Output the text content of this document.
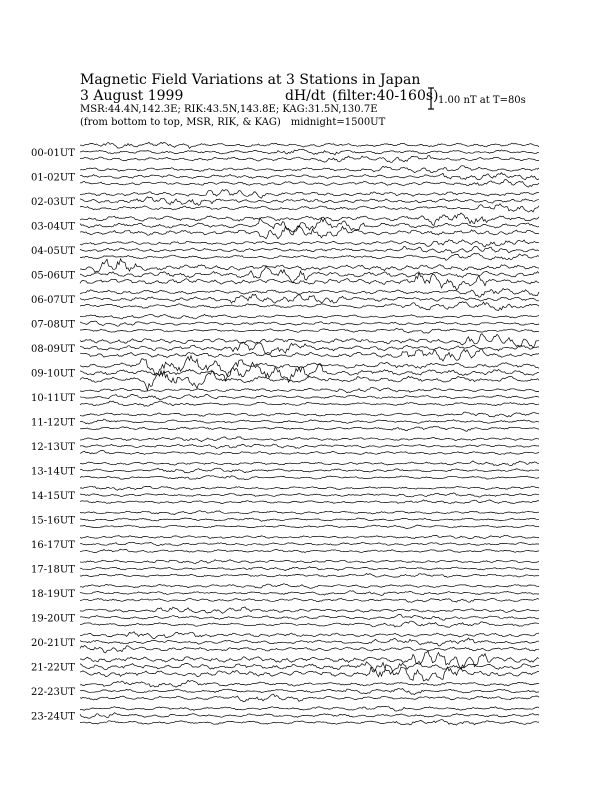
Magnetic Field Variations at 3 Stations in Japan
3 August 1999	dH/dt (filter:40-160s)
MSR:44.4N,142.3E; RIK:43.5N,143.8E; KAG:31.5N,130.7E
(from bottom to top, MSR, RIK, & KAG) midnight=1500UT
1.00 nT at T=80s
00-01UT
01-02UT
02-03UT
03-04UT
04-05UT
05-06UT
06-07UT
07-08UT
08-09UT
09-10UT
10-11UT
11-12UT
12-13UT
13-14UT
14-15UT
15-16UT
16-17UT
17-18UT
18-19UT
19-20UT
20-21UT
21-22UT
22-23UT
23-24UT
